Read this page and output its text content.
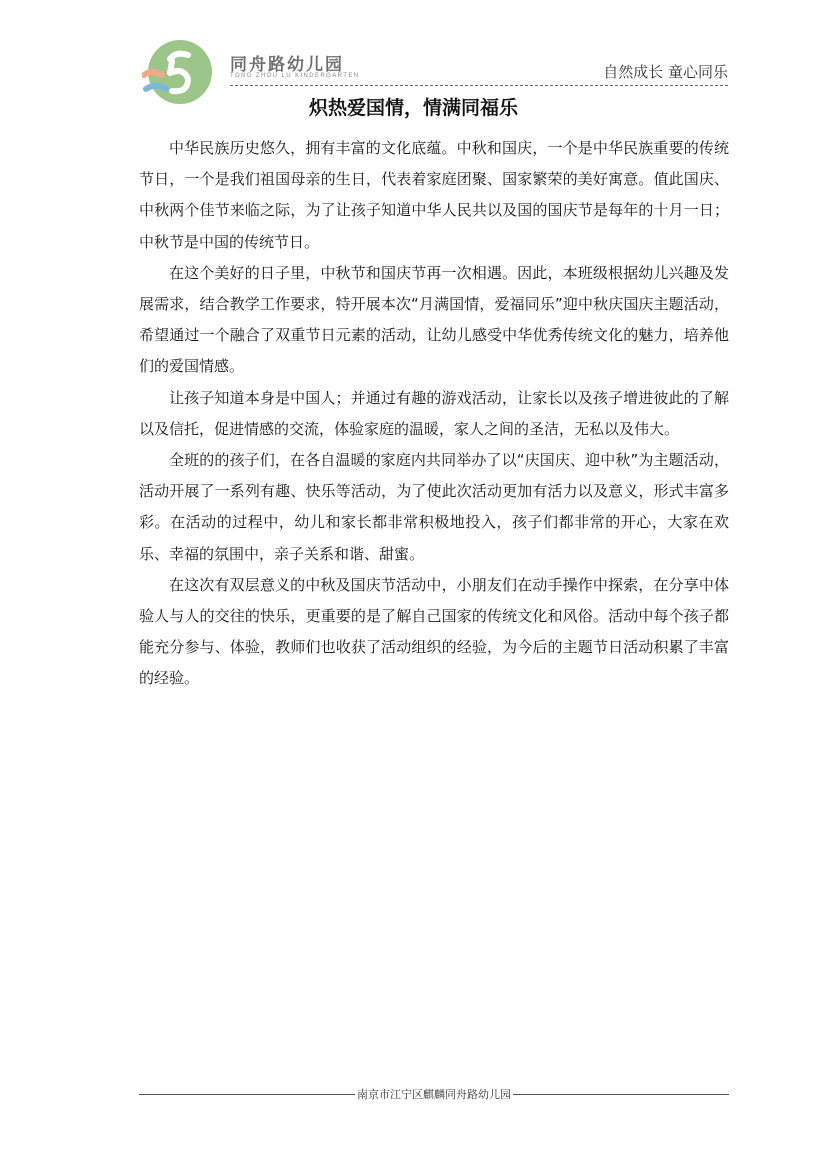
同舟路幼儿园
TONG ZHOU LU KINDERGARTEN	自然成长 童心同乐
炽热爱国情，情满同福乐

中华民族历史悠久，拥有丰富的文化底蕴。中秋和国庆，一个是中华民族重要的传统节日，一个是我们祖国母亲的生日，代表着家庭团聚、国家繁荣的美好寓意。值此国庆、中秋两个佳节来临之际，为了让孩子知道中华人民共以及国的国庆节是每年的十月一日；中秋节是中国的传统节日。

在这个美好的日子里，中秋节和国庆节再一次相遇。因此，本班级根据幼儿兴趣及发展需求，结合教学工作要求，特开展本次“月满国情，爱福同乐”迎中秋庆国庆主题活动，希望通过一个融合了双重节日元素的活动，让幼儿感受中华优秀传统文化的魅力，培养他们的爱国情感。

让孩子知道本身是中国人；并通过有趣的游戏活动，让家长以及孩子增进彼此的了解以及信托，促进情感的交流，体验家庭的温暖，家人之间的圣洁，无私以及伟大。

全班的的孩子们，在各自温暖的家庭内共同举办了以“庆国庆、迎中秋”为主题活动，活动开展了一系列有趣、快乐等活动，为了使此次活动更加有活力以及意义，形式丰富多彩。在活动的过程中，幼儿和家长都非常积极地投入，孩子们都非常的开心，大家在欢乐、幸福的氛围中，亲子关系和谐、甜蜜。

在这次有双层意义的中秋及国庆节活动中，小朋友们在动手操作中探索，在分享中体验人与人的交往的快乐，更重要的是了解自己国家的传统文化和风俗。活动中每个孩子都能充分参与、体验，教师们也收获了活动组织的经验，为今后的主题节日活动积累了丰富的经验。

南京市江宁区麒麟同舟路幼儿园
